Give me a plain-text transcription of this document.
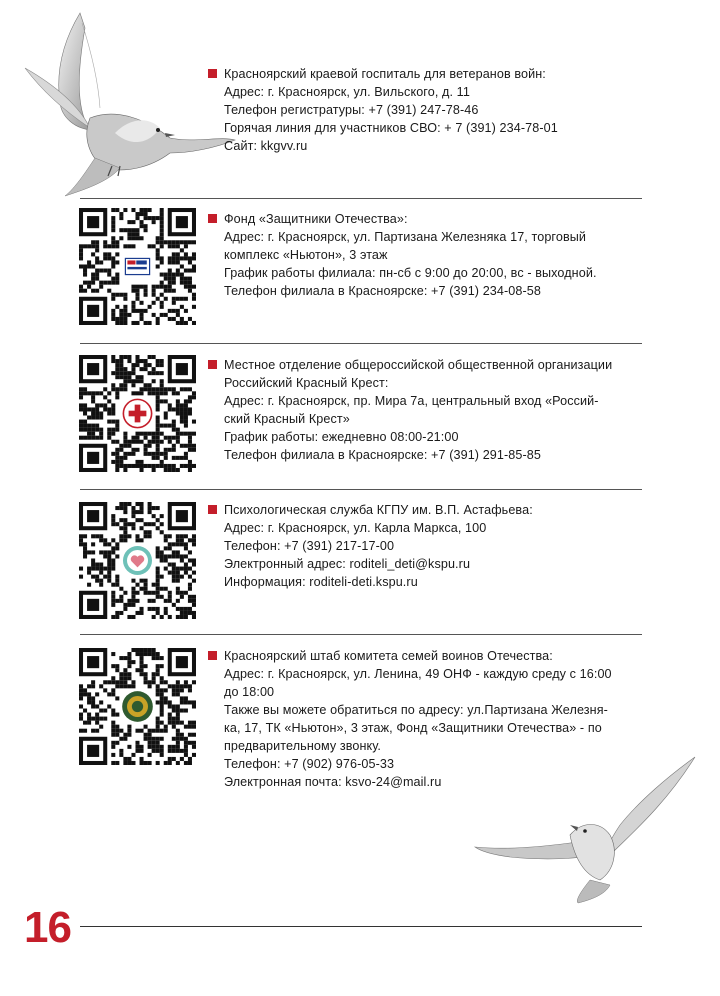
Красноярский краевой госпиталь для ветеранов войн:
Адрес: г. Красноярск, ул. Вильского, д. 11
Телефон регистратуры: +7 (391) 247-78-46
Горячая линия для участников СВО: + 7 (391) 234-78-01
Сайт: kkgvv.ru
Фонд «Защитники Отечества»:
Адрес: г. Красноярск, ул. Партизана Железняка 17, торговый
комплекс «Ньютон», 3 этаж
График работы филиала: пн-сб с 9:00 до 20:00, вс - выходной.
Телефон филиала в Красноярске: +7 (391) 234-08-58
Местное отделение общероссийской общественной организации
Российский Красный Крест:
Адрес: г. Красноярск, пр. Мира 7а, центральный вход «Россий-
ский Красный Крест»
График работы: ежедневно 08:00-21:00
Телефон филиала в Красноярске: +7 (391) 291-85-85
Психологическая служба КГПУ им. В.П. Астафьева:
Адрес: г. Красноярск, ул. Карла Маркса, 100
Телефон: +7 (391) 217-17-00
Электронный адрес: roditeli_deti@kspu.ru
Информация: roditeli-deti.kspu.ru
Красноярский штаб комитета семей воинов Отечества:
Адрес: г. Красноярск, ул. Ленина, 49 ОНФ - каждую среду с 16:00
до 18:00
Также вы можете обратиться по адресу: ул.Партизана Железня-
ка, 17, ТК «Ньютон», 3 этаж, Фонд «Защитники Отечества» - по
предварительному звонку.
Телефон: +7 (902) 976-05-33
Электронная почта: ksvo-24@mail.ru
16
